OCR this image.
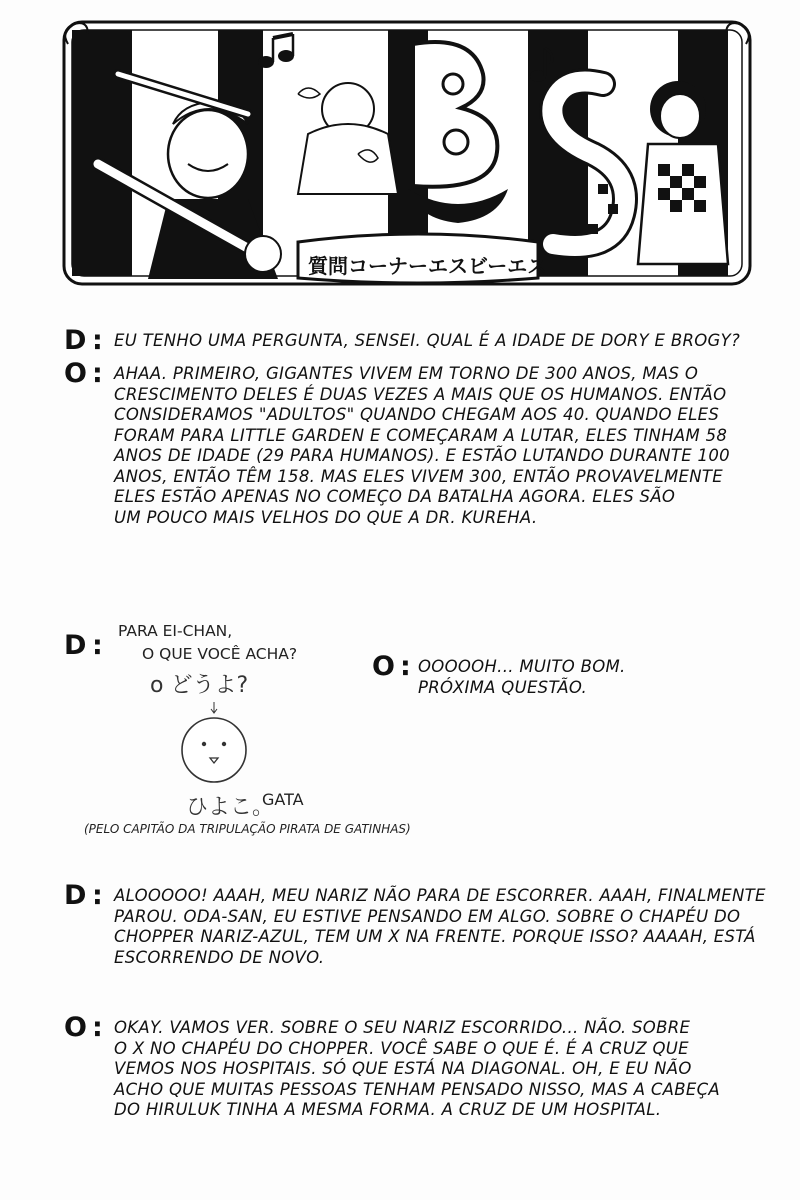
質問コーナーエスビーエス
D : EU TENHO UMA PERGUNTA, SENSEI. QUAL É A IDADE DE DORY E BROGY?

O : AHAA. PRIMEIRO, GIGANTES VIVEM EM TORNO DE 300 ANOS, MAS O
CRESCIMENTO DELES É DUAS VEZES A MAIS QUE OS HUMANOS. ENTÃO
CONSIDERAMOS "ADULTOS" QUANDO CHEGAM AOS 40. QUANDO ELES
FORAM PARA LITTLE GARDEN E COMEÇARAM A LUTAR, ELES TINHAM 58
ANOS DE IDADE (29 PARA HUMANOS). E ESTÃO LUTANDO DURANTE 100
ANOS, ENTÃO TÊM 158. MAS ELES VIVEM 300, ENTÃO PROVAVELMENTE
ELES ESTÃO APENAS NO COMEÇO DA BATALHA AGORA. ELES SÃO
UM POUCO MAIS VELHOS DO QUE A DR. KUREHA.

D : PARA EI-CHAN,
O QUE VOCÊ ACHA?
o どうよ?
ひよこ。
GATA
(PELO CAPITÃO DA TRIPULAÇÃO PIRATA DE GATINHAS)
O : OOOOOH... MUITO BOM.
PRÓXIMA QUESTÃO.

D : ALOOOOO! AAAH, MEU NARIZ NÃO PARA DE ESCORRER. AAAH, FINALMENTE
PAROU. ODA-SAN, EU ESTIVE PENSANDO EM ALGO. SOBRE O CHAPÉU DO
CHOPPER NARIZ-AZUL, TEM UM X NA FRENTE. PORQUE ISSO? AAAAH, ESTÁ
ESCORRENDO DE NOVO.

O : OKAY. VAMOS VER. SOBRE O SEU NARIZ ESCORRIDO... NÃO. SOBRE
O X NO CHAPÉU DO CHOPPER. VOCÊ SABE O QUE É. É A CRUZ QUE
VEMOS NOS HOSPITAIS. SÓ QUE ESTÁ NA DIAGONAL. OH, E EU NÃO
ACHO QUE MUITAS PESSOAS TENHAM PENSADO NISSO, MAS A CABEÇA
DO HIRULUK TINHA A MESMA FORMA. A CRUZ DE UM HOSPITAL.
